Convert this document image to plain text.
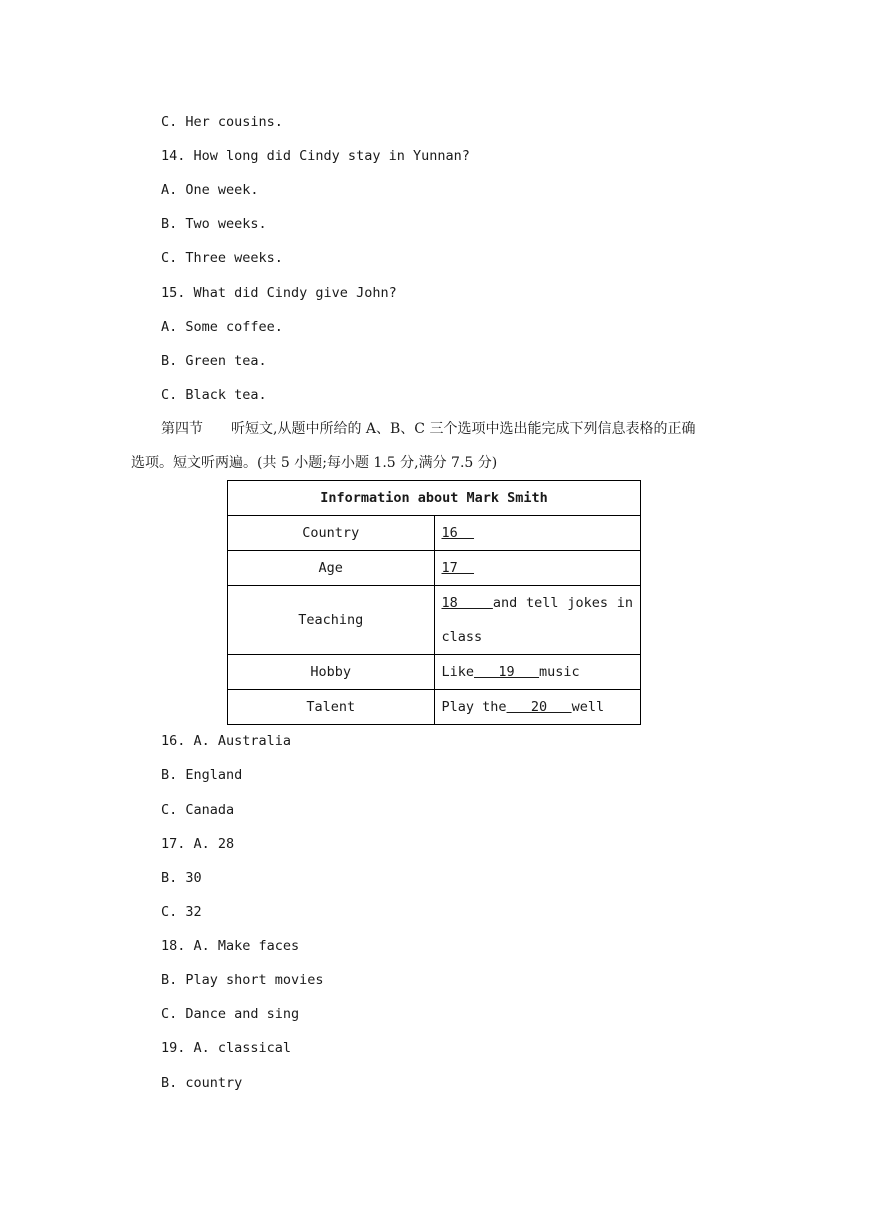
C. Her cousins.
14. How long did Cindy stay in Yunnan?
A. One week.
B. Two weeks.
C. Three weeks.
15. What did Cindy give John?
A. Some coffee.
B. Green tea.
C. Black tea.
第四节　　听短文,从题中所给的 A、B、C 三个选项中选出能完成下列信息表格的正确
选项。短文听两遍。(共 5 小题;每小题 1.5 分,满分 7.5 分)
Information about Mark Smith	
Country	16
Age	17
Teaching	18    and tell jokes in class
Hobby	Like   19   music
Talent	Play the   20   well
16. A. Australia
B. England
C. Canada
17. A. 28
B. 30
C. 32
18. A. Make faces
B. Play short movies
C. Dance and sing
19. A. classical
B. country
